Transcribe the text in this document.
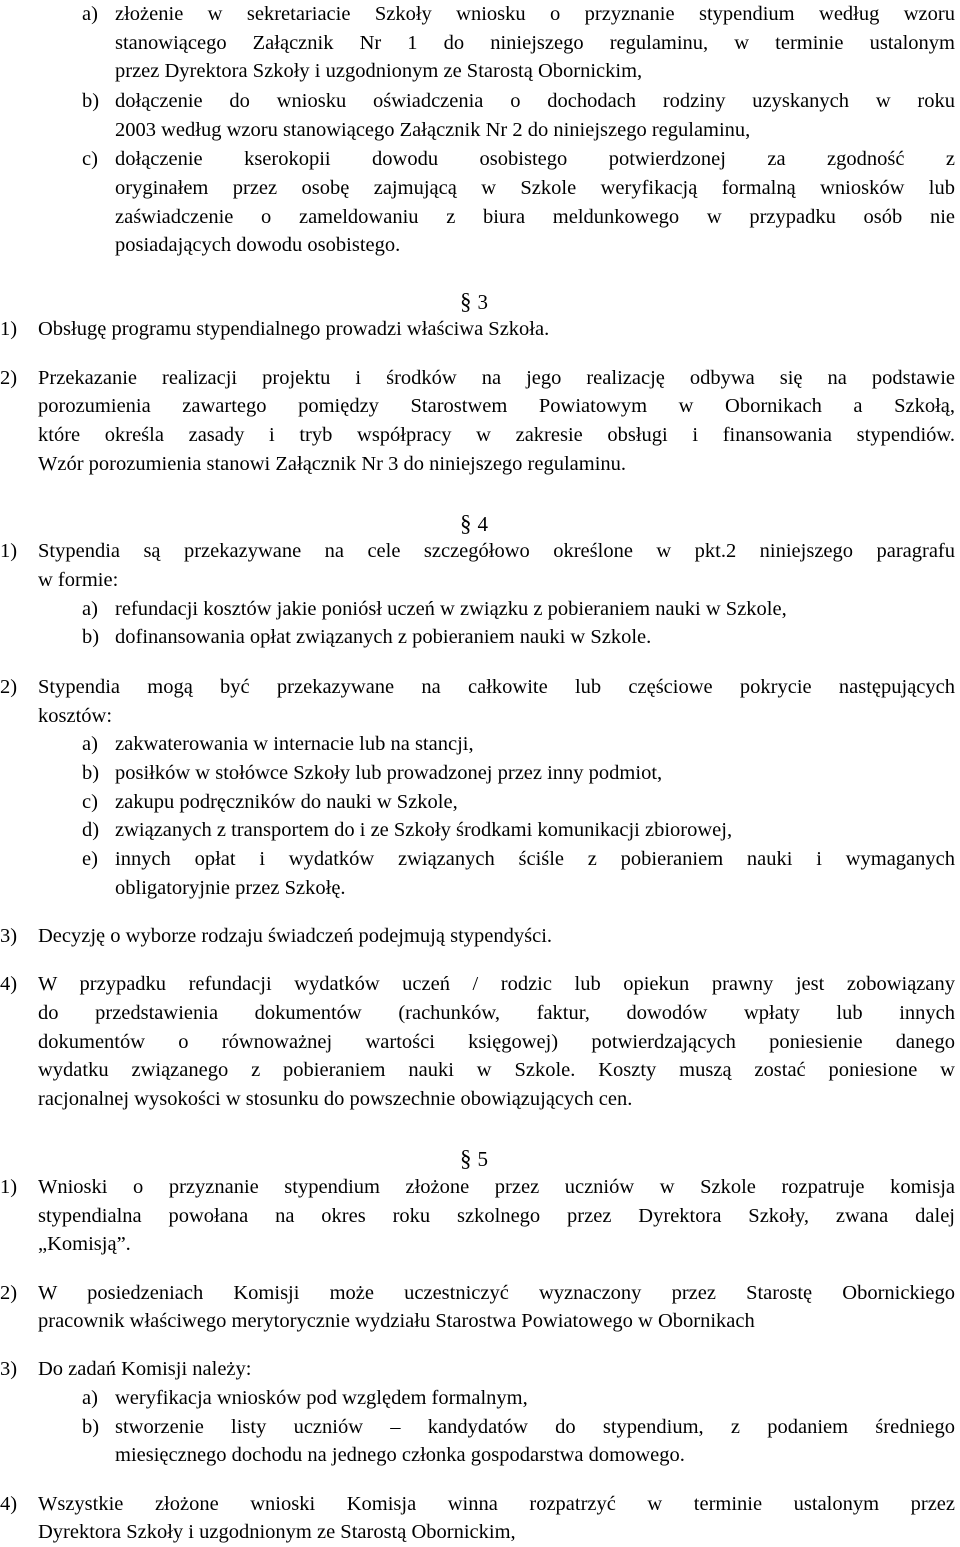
a) złożenie w sekretariacie Szkoły wniosku o przyznanie stypendium według wzoru
stanowiącego Załącznik Nr 1 do niniejszego regulaminu, w terminie ustalonym
przez Dyrektora Szkoły i uzgodnionym ze Starostą Obornickim,
b) dołączenie do wniosku oświadczenia o dochodach rodziny uzyskanych w roku
2003 według wzoru stanowiącego Załącznik Nr 2 do niniejszego regulaminu,
c) dołączenie kserokopii dowodu osobistego potwierdzonej za zgodność z
oryginałem przez osobę zajmującą w Szkole weryfikacją formalną wniosków lub
zaświadczenie o zameldowaniu z biura meldunkowego w przypadku osób nie
posiadających dowodu osobistego.
§ 3
1) Obsługę programu stypendialnego prowadzi właściwa Szkoła.
2) Przekazanie realizacji projektu i środków na jego realizację odbywa się na podstawie
porozumienia zawartego pomiędzy Starostwem Powiatowym w Obornikach a Szkołą,
które określa zasady i tryb współpracy w zakresie obsługi i finansowania stypendiów.
Wzór porozumienia stanowi Załącznik Nr 3 do niniejszego regulaminu.
§ 4
1) Stypendia są przekazywane na cele szczegółowo określone w pkt.2 niniejszego paragrafu
w formie:
a) refundacji kosztów jakie poniósł uczeń w związku z pobieraniem nauki w Szkole,
b) dofinansowania opłat związanych z pobieraniem nauki w Szkole.
2) Stypendia mogą być przekazywane na całkowite lub częściowe pokrycie następujących
kosztów:
a) zakwaterowania w internacie lub na stancji,
b) posiłków w stołówce Szkoły lub prowadzonej przez inny podmiot,
c) zakupu podręczników do nauki w Szkole,
d) związanych z transportem do i ze Szkoły środkami komunikacji zbiorowej,
e) innych opłat i wydatków związanych ściśle z pobieraniem nauki i wymaganych
obligatoryjnie przez Szkołę.
3) Decyzję o wyborze rodzaju świadczeń podejmują stypendyści.
4) W przypadku refundacji wydatków uczeń / rodzic lub opiekun prawny jest zobowiązany
do przedstawienia dokumentów (rachunków, faktur, dowodów wpłaty lub innych
dokumentów o równoważnej wartości księgowej) potwierdzających poniesienie danego
wydatku związanego z pobieraniem nauki w Szkole. Koszty muszą zostać poniesione w
racjonalnej wysokości w stosunku do powszechnie obowiązujących cen.
§ 5
1) Wnioski o przyznanie stypendium złożone przez uczniów w Szkole rozpatruje komisja
stypendialna powołana na okres roku szkolnego przez Dyrektora Szkoły, zwana dalej
„Komisją”.
2) W posiedzeniach Komisji może uczestniczyć wyznaczony przez Starostę Obornickiego
pracownik właściwego merytorycznie wydziału Starostwa Powiatowego w Obornikach
3) Do zadań Komisji należy:
a) weryfikacja wniosków pod względem formalnym,
b) stworzenie listy uczniów – kandydatów do stypendium, z podaniem średniego
miesięcznego dochodu na jednego członka gospodarstwa domowego.
4) Wszystkie złożone wnioski Komisja winna rozpatrzyć w terminie ustalonym przez
Dyrektora Szkoły i uzgodnionym ze Starostą Obornickim,
